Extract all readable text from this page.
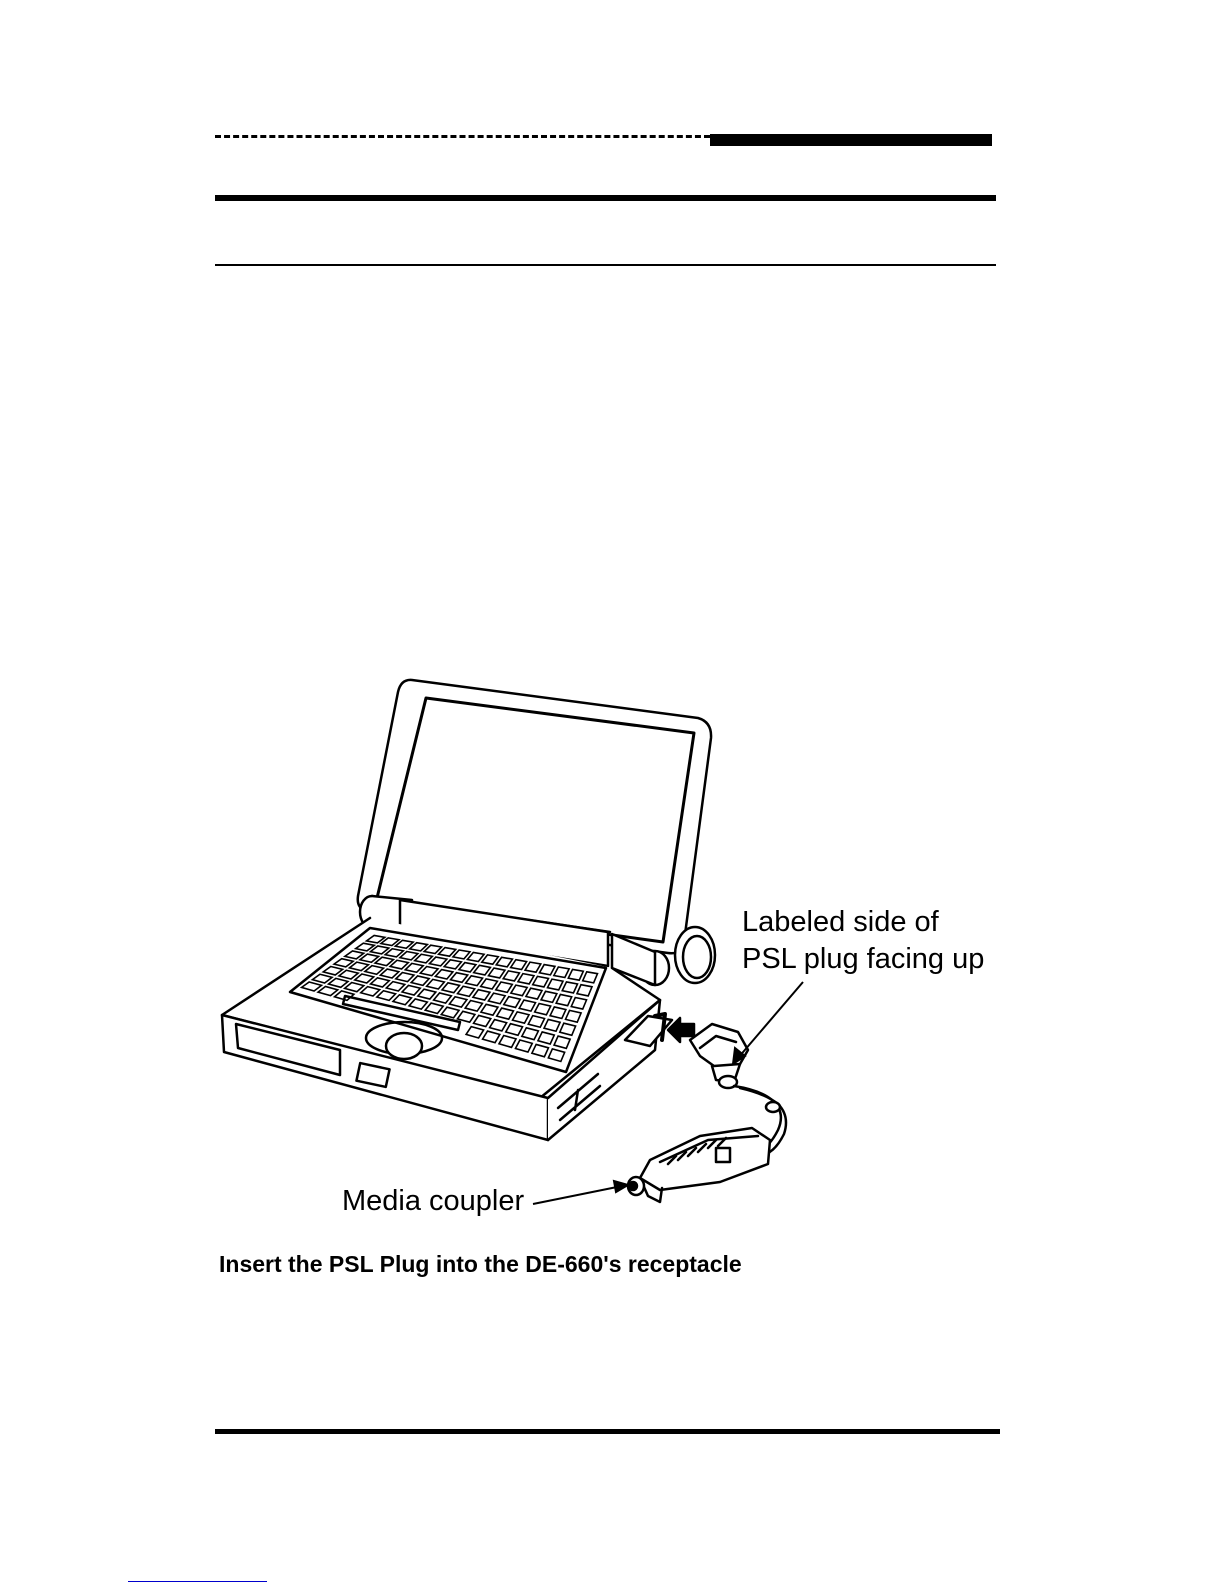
Labeled side of
PSL plug facing up
Media coupler
Insert the PSL Plug into the DE-660's receptacle
